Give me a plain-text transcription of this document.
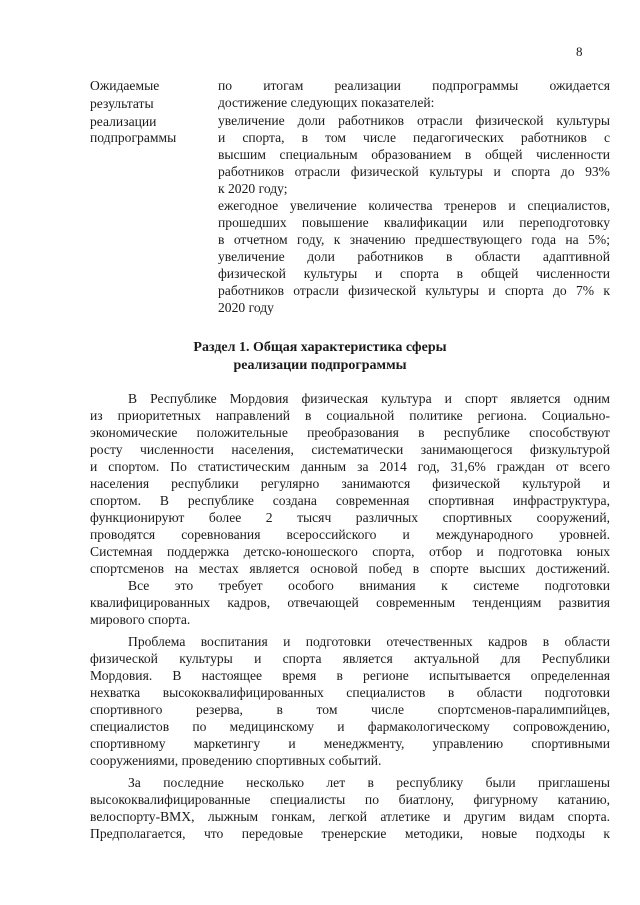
8
Ожидаемые
результаты
реализации
подпрограммы
по итогам реализации подпрограммы ожидается
достижение следующих показателей:
увеличение доли работников отрасли физической культуры
и спорта, в том числе педагогических работников с
высшим специальным образованием в общей численности
работников отрасли физической культуры и спорта до 93%
к 2020 году;
ежегодное увеличение количества тренеров и специалистов,
прошедших повышение квалификации или переподготовку
в отчетном году, к значению предшествующего года на 5%;
увеличение доли работников в области адаптивной
физической культуры и спорта в общей численности
работников отрасли физической культуры и спорта до 7% к
2020 году
Раздел 1. Общая характеристика сферы
реализации подпрограммы
В Республике Мордовия физическая культура и спорт является одним
из приоритетных направлений в социальной политике региона. Социально-
экономические положительные преобразования в республике способствуют
росту численности населения, систематически занимающегося физкультурой
и спортом. По статистическим данным за 2014 год, 31,6% граждан от всего
населения республики регулярно занимаются физической культурой и
спортом. В республике создана современная спортивная инфраструктура,
функционируют более 2 тысяч различных спортивных сооружений,
проводятся соревнования всероссийского и международного уровней.
Системная поддержка детско-юношеского спорта, отбор и подготовка юных
спортсменов на местах является основой побед в спорте высших достижений.
Все это требует особого внимания к системе подготовки
квалифицированных кадров, отвечающей современным тенденциям развития
мирового спорта.
Проблема воспитания и подготовки отечественных кадров в области
физической культуры и спорта является актуальной для Республики
Мордовия. В настоящее время в регионе испытывается определенная
нехватка высококвалифицированных специалистов в области подготовки
спортивного резерва, в том числе спортсменов-паралимпийцев,
специалистов по медицинскому и фармакологическому сопровождению,
спортивному маркетингу и менеджменту, управлению спортивными
сооружениями, проведению спортивных событий.
За последние несколько лет в республику были приглашены
высококвалифицированные специалисты по биатлону, фигурному катанию,
велоспорту-BMX, лыжным гонкам, легкой атлетике и другим видам спорта.
Предполагается, что передовые тренерские методики, новые подходы к
